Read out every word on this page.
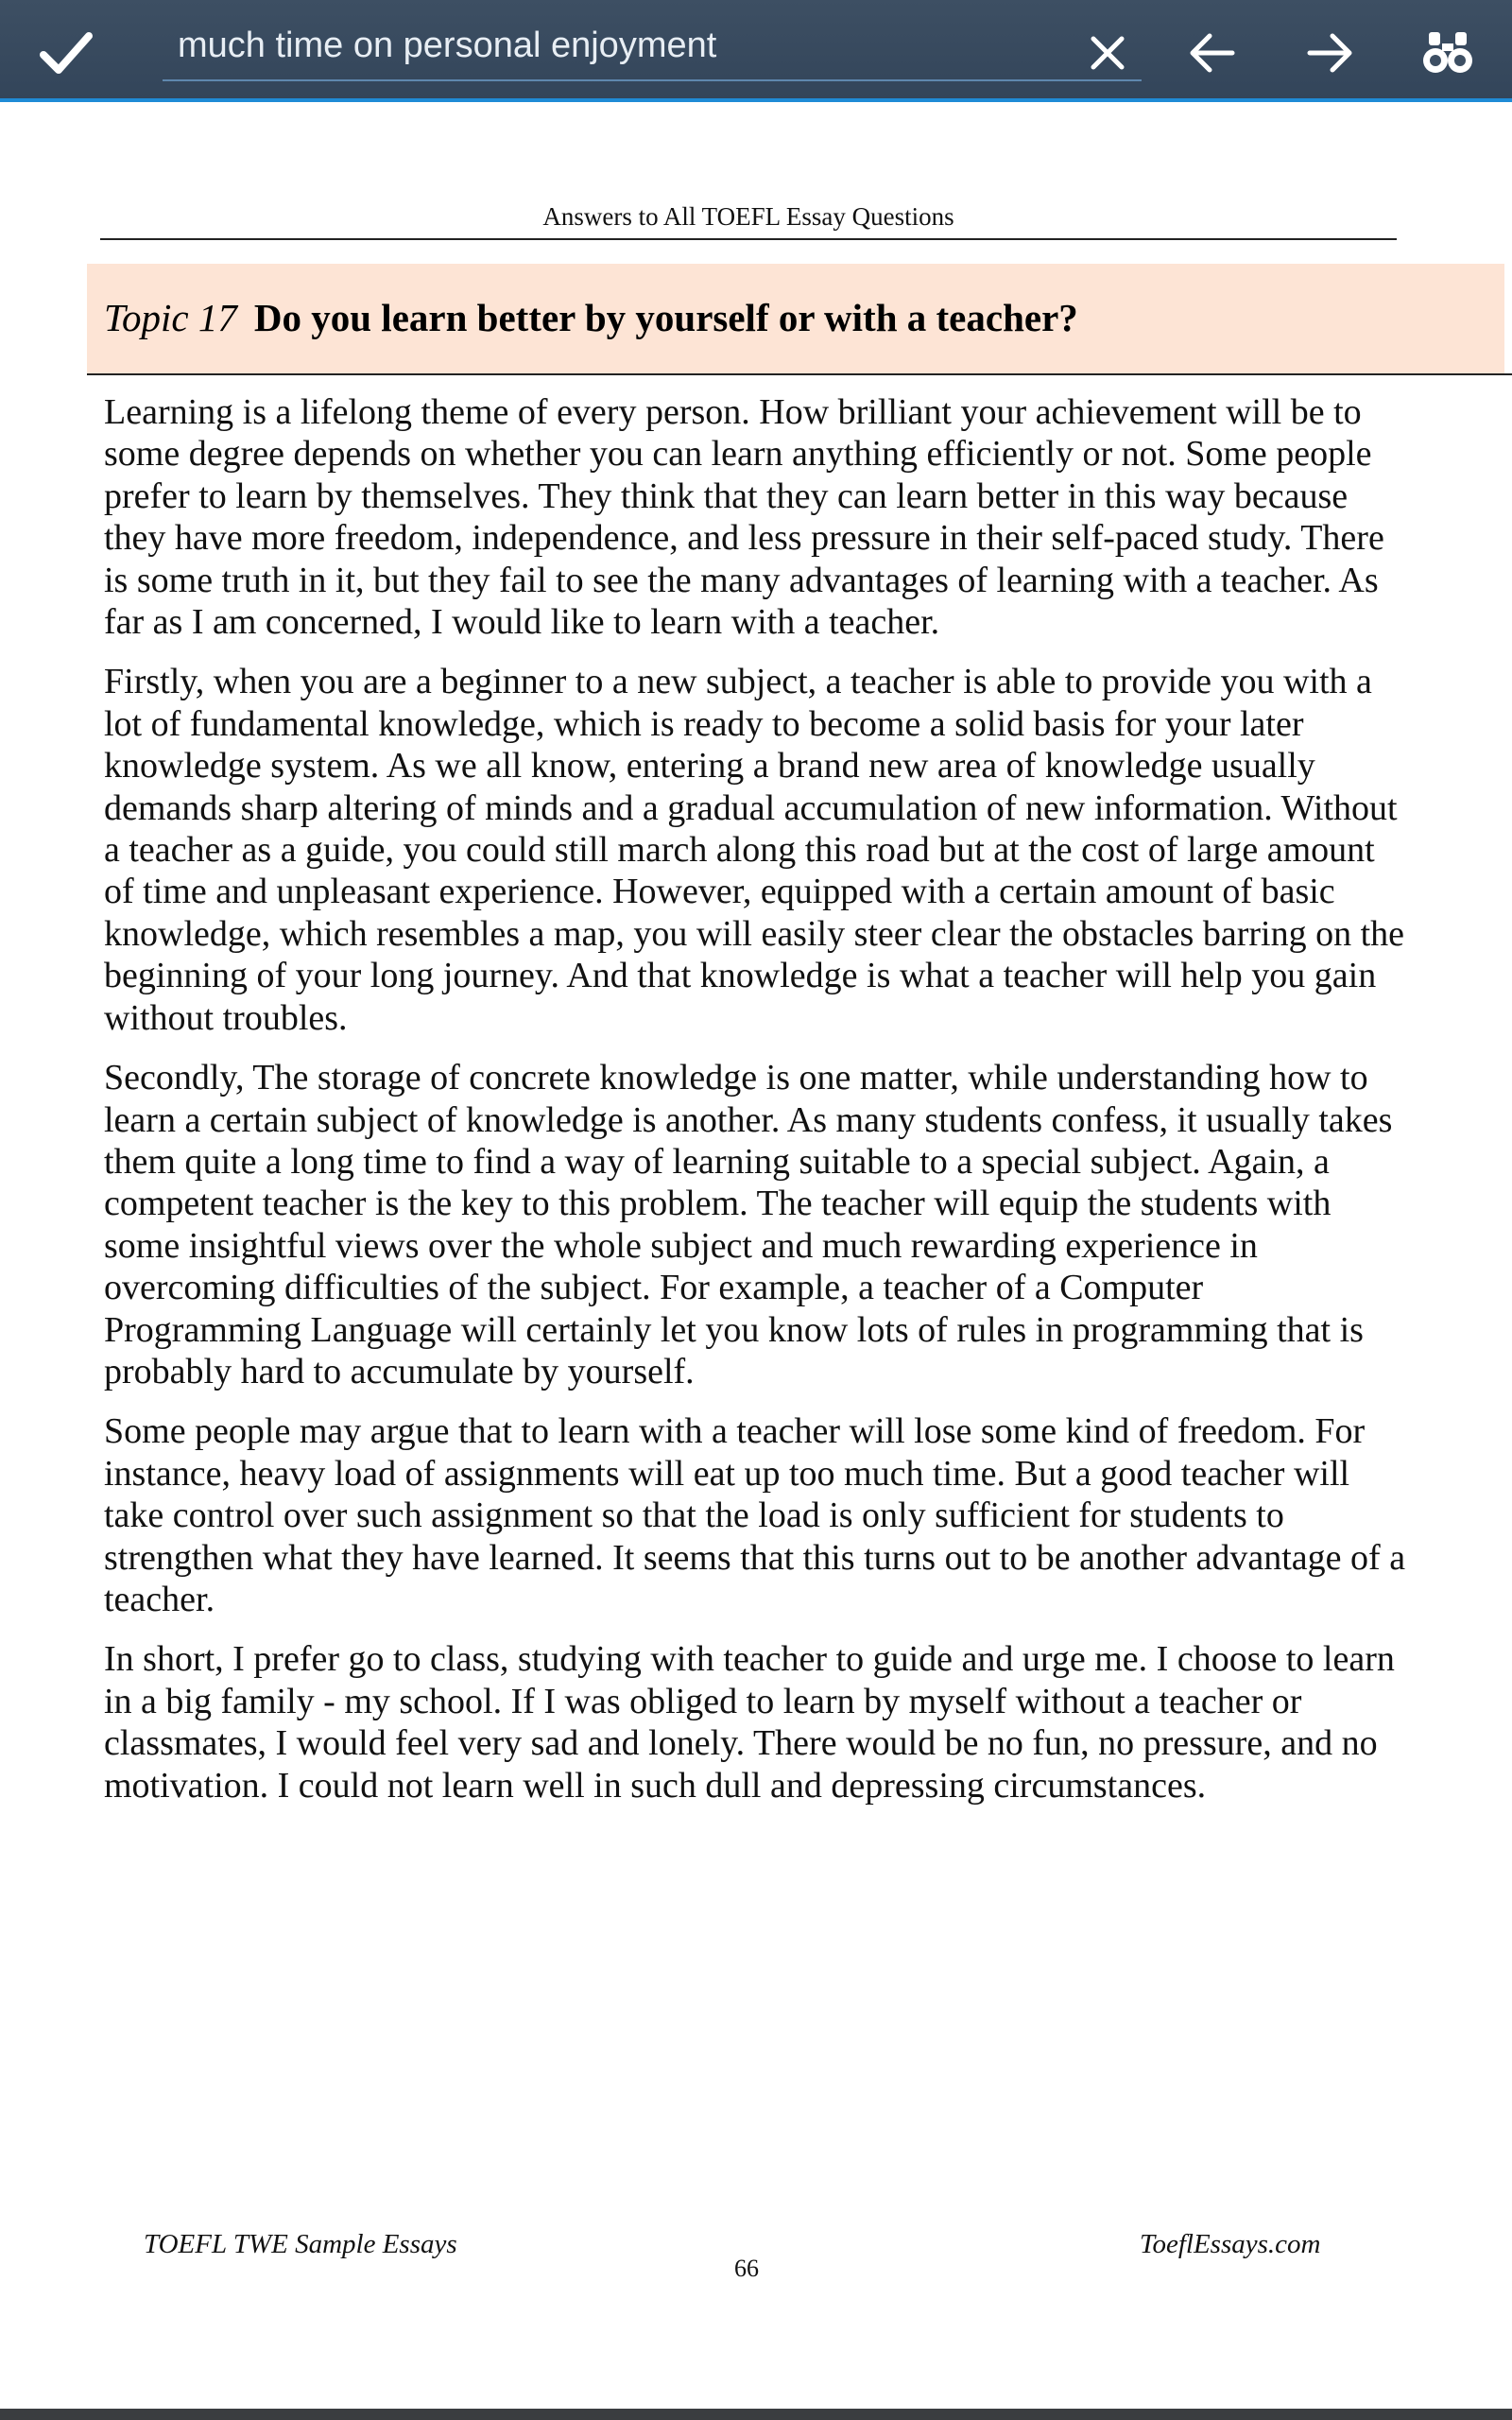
much time on personal enjoyment
Answers to All TOEFL Essay Questions
Topic 17 Do you learn better by yourself or with a teacher?

Learning is a lifelong theme of every person. How brilliant your achievement will be to some degree depends on whether you can learn anything efficiently or not. Some people prefer to learn by themselves. They think that they can learn better in this way because they have more freedom, independence, and less pressure in their self-paced study. There is some truth in it, but they fail to see the many advantages of learning with a teacher. As far as I am concerned, I would like to learn with a teacher.

Firstly, when you are a beginner to a new subject, a teacher is able to provide you with a lot of fundamental knowledge, which is ready to become a solid basis for your later knowledge system. As we all know, entering a brand new area of knowledge usually demands sharp altering of minds and a gradual accumulation of new information. Without a teacher as a guide, you could still march along this road but at the cost of large amount of time and unpleasant experience. However, equipped with a certain amount of basic knowledge, which resembles a map, you will easily steer clear the obstacles barring on the beginning of your long journey. And that knowledge is what a teacher will help you gain without troubles.

Secondly, The storage of concrete knowledge is one matter, while understanding how to learn a certain subject of knowledge is another. As many students confess, it usually takes them quite a long time to find a way of learning suitable to a special subject. Again, a competent teacher is the key to this problem. The teacher will equip the students with some insightful views over the whole subject and much rewarding experience in overcoming difficulties of the subject. For example, a teacher of a Computer Programming Language will certainly let you know lots of rules in programming that is probably hard to accumulate by yourself.

Some people may argue that to learn with a teacher will lose some kind of freedom. For instance, heavy load of assignments will eat up too much time. But a good teacher will take control over such assignment so that the load is only sufficient for students to strengthen what they have learned. It seems that this turns out to be another advantage of a teacher.

In short, I prefer go to class, studying with teacher to guide and urge me. I choose to learn in a big family - my school. If I was obliged to learn by myself without a teacher or classmates, I would feel very sad and lonely. There would be no fun, no pressure, and no motivation. I could not learn well in such dull and depressing circumstances.

TOEFL TWE Sample Essays
66
ToeflEssays.com
